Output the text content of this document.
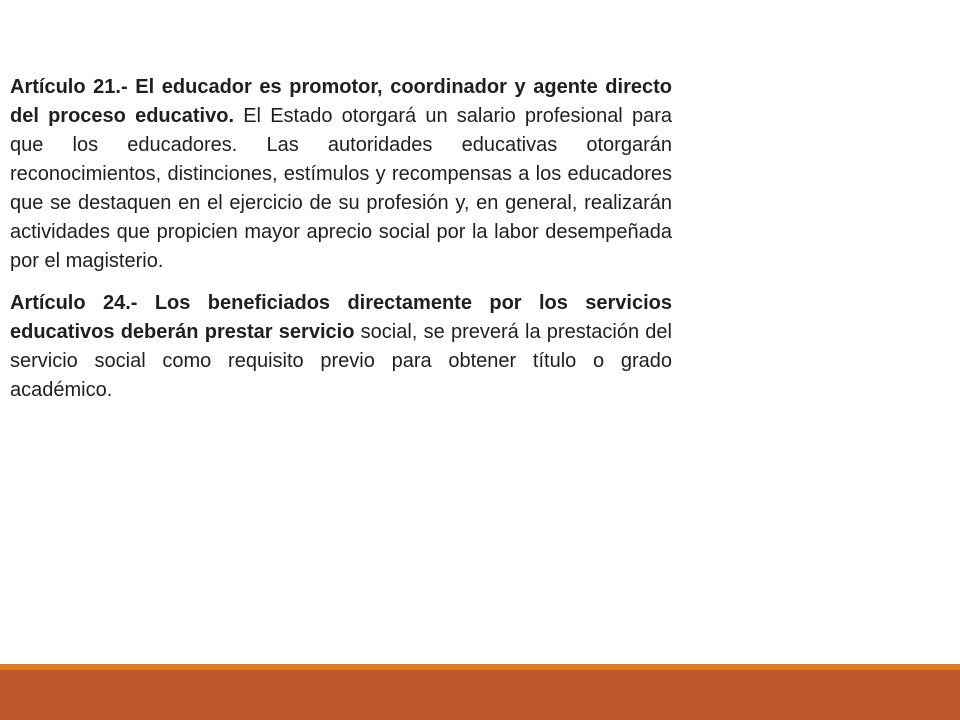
Artículo 21.- El educador es promotor, coordinador y agente directo del proceso educativo. El Estado otorgará un salario profesional para que los educadores. Las autoridades educativas otorgarán reconocimientos, distinciones, estímulos y recompensas a los educadores que se destaquen en el ejercicio de su profesión y, en general, realizarán actividades que propicien mayor aprecio social por la labor desempeñada por el magisterio.

Artículo 24.- Los beneficiados directamente por los servicios educativos deberán prestar servicio social, se preverá la prestación del servicio social como requisito previo para obtener título o grado académico.
